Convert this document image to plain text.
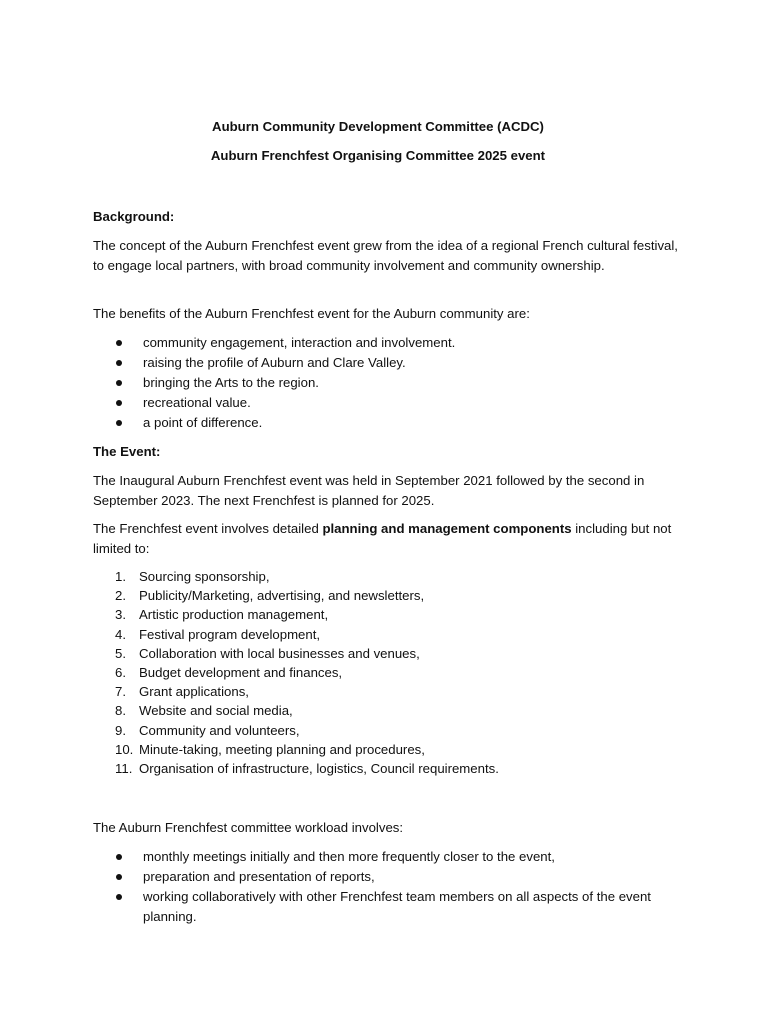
Auburn Community Development Committee (ACDC)

Auburn Frenchfest Organising Committee 2025 event

Background:

The concept of the Auburn Frenchfest event grew from the idea of a regional French cultural festival, to engage local partners, with broad community involvement and community ownership.

The benefits of the Auburn Frenchfest event for the Auburn community are:

community engagement, interaction and involvement.
raising the profile of Auburn and Clare Valley.
bringing the Arts to the region.
recreational value.
a point of difference.
The Event:

The Inaugural Auburn Frenchfest event was held in September 2021 followed by the second in September 2023. The next Frenchfest is planned for 2025.

The Frenchfest event involves detailed planning and management components including but not limited to:

1. Sourcing sponsorship,
2. Publicity/Marketing, advertising, and newsletters,
3. Artistic production management,
4. Festival program development,
5. Collaboration with local businesses and venues,
6. Budget development and finances,
7. Grant applications,
8. Website and social media,
9. Community and volunteers,
10. Minute-taking, meeting planning and procedures,
11. Organisation of infrastructure, logistics, Council requirements.

The Auburn Frenchfest committee workload involves:

monthly meetings initially and then more frequently closer to the event,
preparation and presentation of reports,
working collaboratively with other Frenchfest team members on all aspects of the event planning.
